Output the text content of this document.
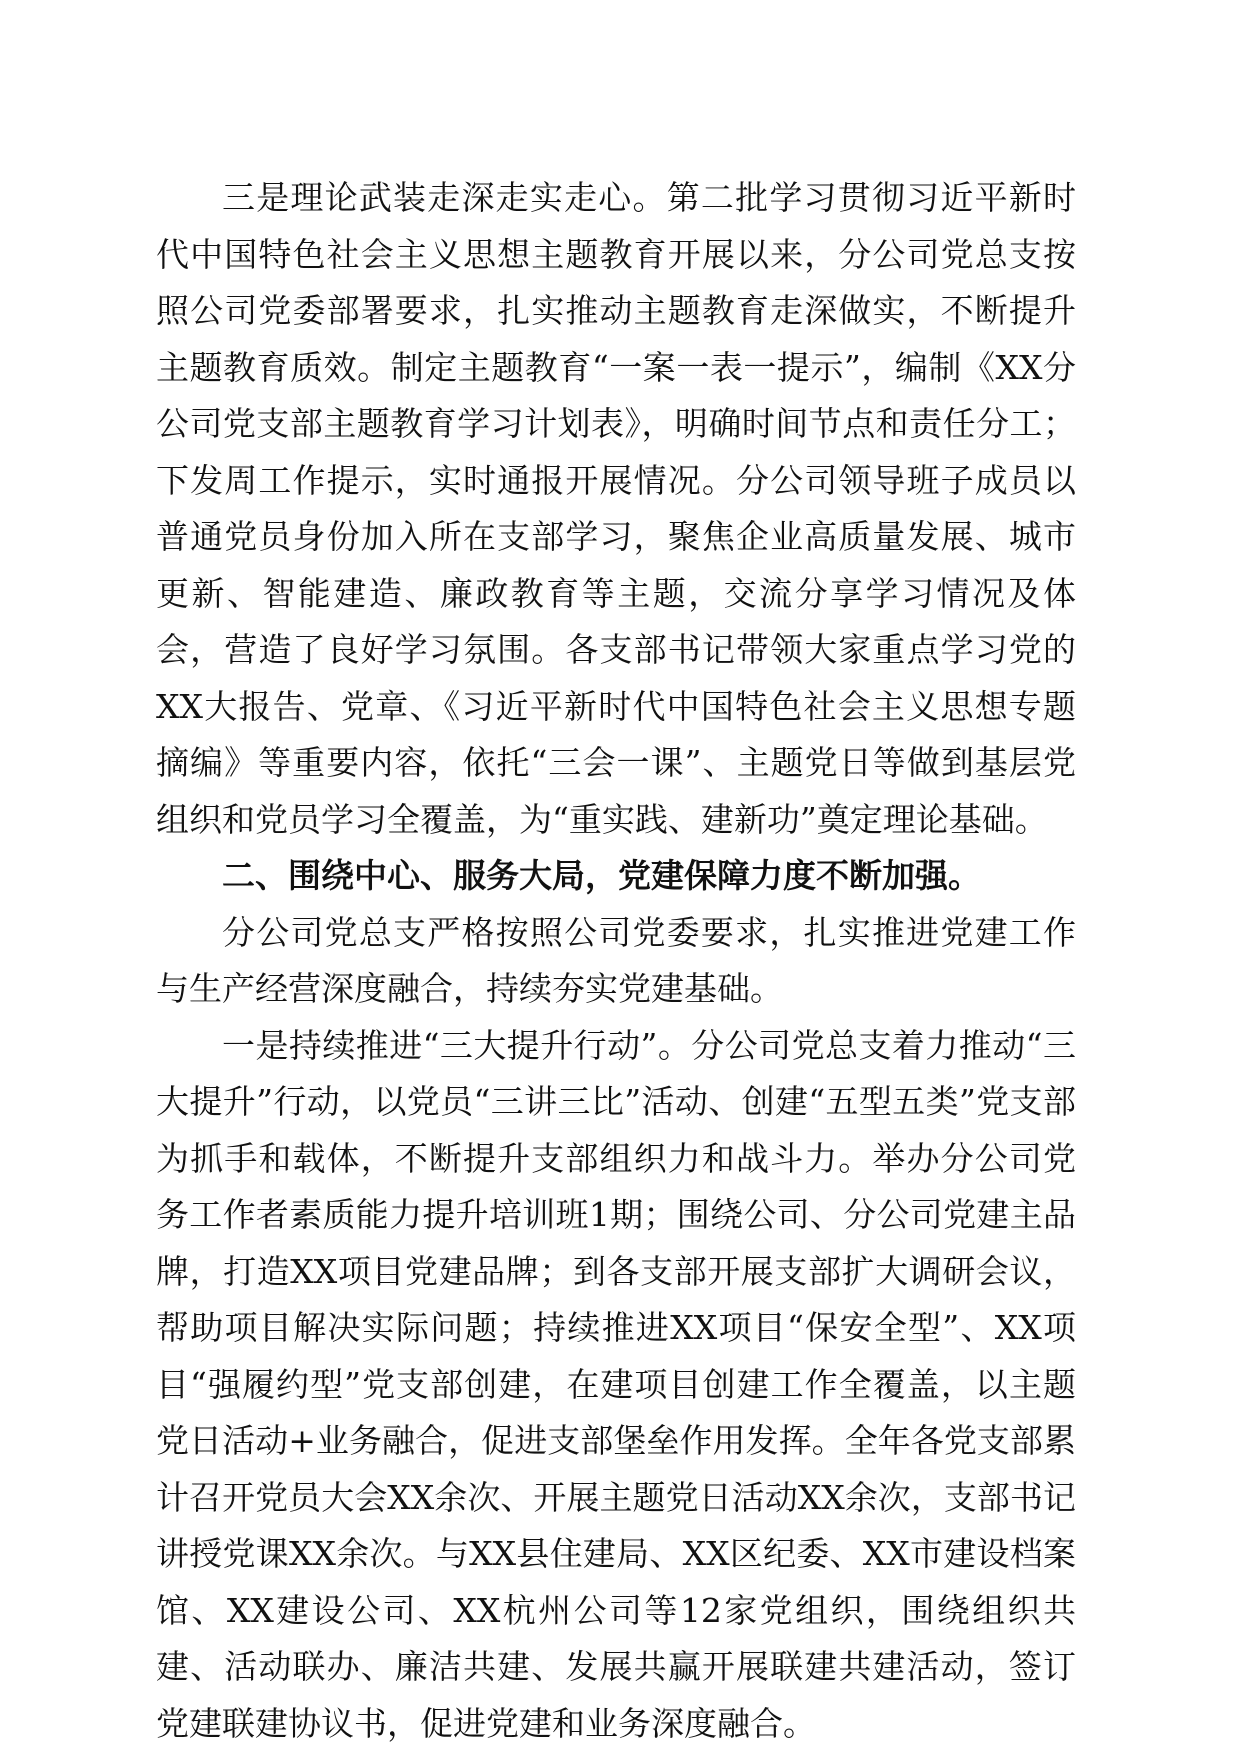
三是理论武装走深走实走心。第二批学习贯彻习近平新时代中国特色社会主义思想主题教育开展以来，分公司党总支按照公司党委部署要求，扎实推动主题教育走深做实，不断提升主题教育质效。制定主题教育“一案一表一提示”，编制《XX分公司党支部主题教育学习计划表》，明确时间节点和责任分工；下发周工作提示，实时通报开展情况。分公司领导班子成员以普通党员身份加入所在支部学习，聚焦企业高质量发展、城市更新、智能建造、廉政教育等主题，交流分享学习情况及体会，营造了良好学习氛围。各支部书记带领大家重点学习党的XX大报告、党章、《习近平新时代中国特色社会主义思想专题摘编》等重要内容，依托“三会一课”、主题党日等做到基层党组织和党员学习全覆盖，为“重实践、建新功”奠定理论基础。

二、围绕中心、服务大局，党建保障力度不断加强。

分公司党总支严格按照公司党委要求，扎实推进党建工作与生产经营深度融合，持续夯实党建基础。

一是持续推进“三大提升行动”。分公司党总支着力推动“三大提升”行动，以党员“三讲三比”活动、创建“五型五类”党支部为抓手和载体，不断提升支部组织力和战斗力。举办分公司党务工作者素质能力提升培训班1期；围绕公司、分公司党建主品牌，打造XX项目党建品牌；到各支部开展支部扩大调研会议，帮助项目解决实际问题；持续推进XX项目“保安全型”、XX项目“强履约型”党支部创建，在建项目创建工作全覆盖，以主题党日活动+业务融合，促进支部堡垒作用发挥。全年各党支部累计召开党员大会XX余次、开展主题党日活动XX余次，支部书记讲授党课XX余次。与XX县住建局、XX区纪委、XX市建设档案馆、XX建设公司、XX杭州公司等12家党组织，围绕组织共建、活动联办、廉洁共建、发展共赢开展联建共建活动，签订党建联建协议书，促进党建和业务深度融合。
